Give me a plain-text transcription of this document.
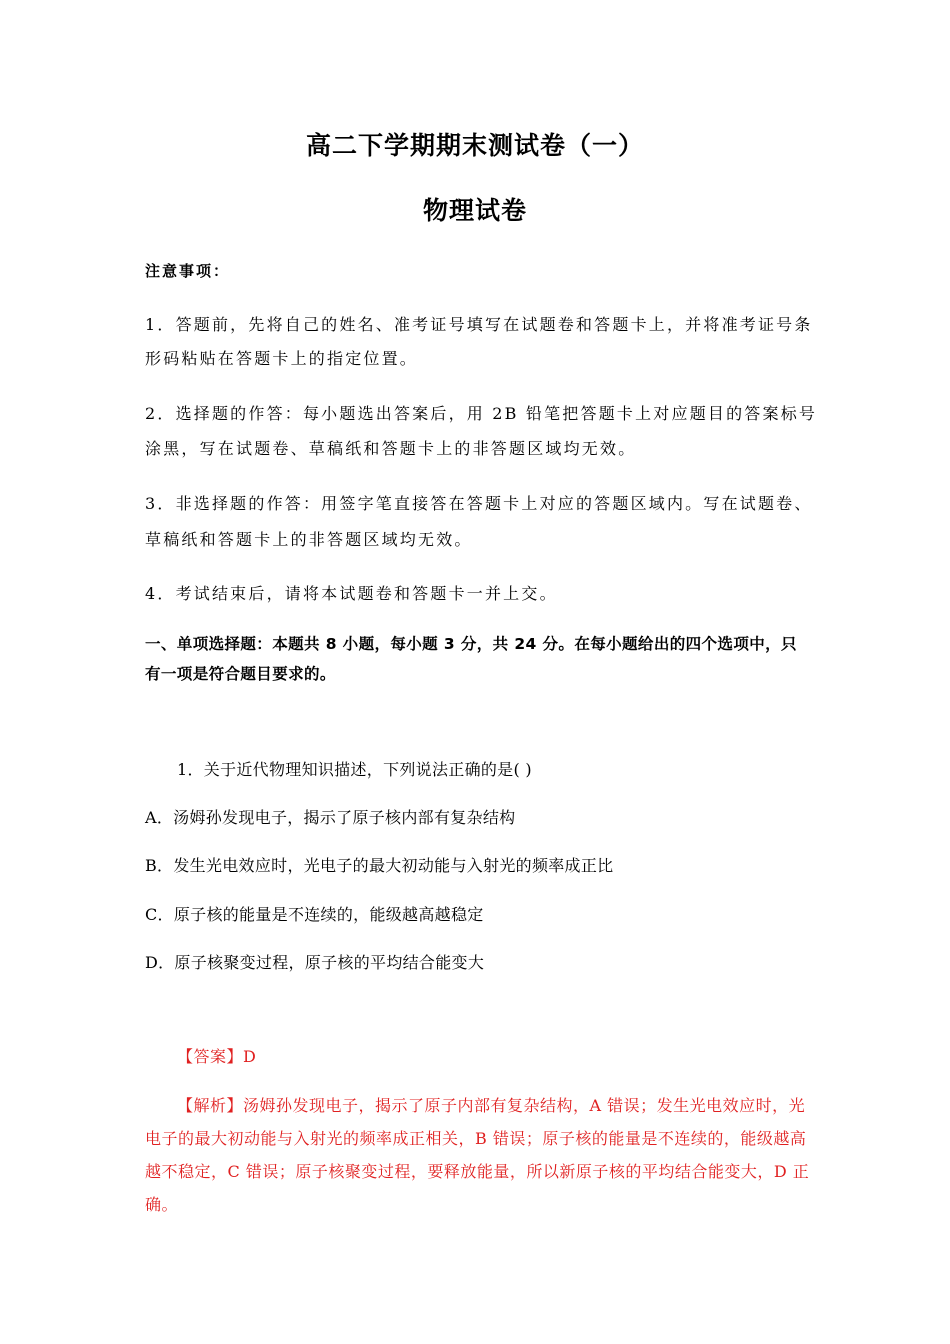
高二下学期期末测试卷（一）
物理试卷
注意事项：
1．答题前，先将自己的姓名、准考证号填写在试题卷和答题卡上，并将准考证号条
形码粘贴在答题卡上的指定位置。
2．选择题的作答：每小题选出答案后，用 2B 铅笔把答题卡上对应题目的答案标号
涂黑，写在试题卷、草稿纸和答题卡上的非答题区域均无效。
3．非选择题的作答：用签字笔直接答在答题卡上对应的答题区域内。写在试题卷、
草稿纸和答题卡上的非答题区域均无效。
4．考试结束后，请将本试题卷和答题卡一并上交。
一、单项选择题：本题共 8 小题，每小题 3 分，共 24 分。在每小题给出的四个选项中，只
有一项是符合题目要求的。
1．关于近代物理知识描述，下列说法正确的是( )
A．汤姆孙发现电子，揭示了原子核内部有复杂结构
B．发生光电效应时，光电子的最大初动能与入射光的频率成正比
C．原子核的能量是不连续的，能级越高越稳定
D．原子核聚变过程，原子核的平均结合能变大
【答案】D
【解析】汤姆孙发现电子，揭示了原子内部有复杂结构，A 错误；发生光电效应时，光
电子的最大初动能与入射光的频率成正相关，B 错误；原子核的能量是不连续的，能级越高
越不稳定，C 错误；原子核聚变过程，要释放能量，所以新原子核的平均结合能变大，D 正
确。
